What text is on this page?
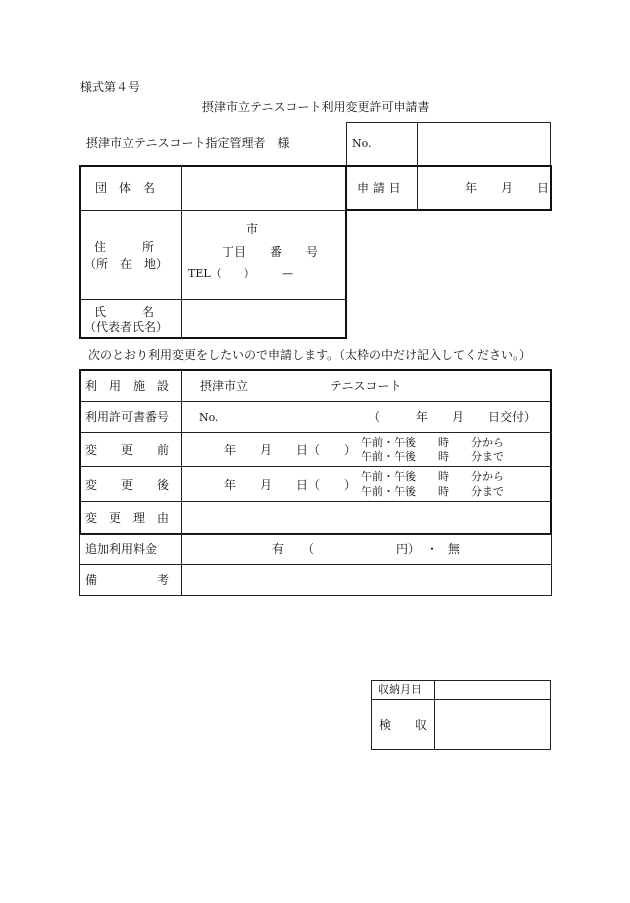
様式第４号
摂津市立テニスコート利用変更許可申請書
摂津市立テニスコート指定管理者　様	No.
団　体　名	申 請 日	年　　月　　日
住　　　所
（所　在　地）
市
丁目　　番　　号
TEL（　　）　　　—
氏　　　名
（代表者氏名）
次のとおり利用変更をしたいので申請します。（太枠の中だけ記入してください。）
利　用　施　設	摂津市立	テニスコート
利用許可書番号	No.	（　　　年　　月　　日交付）
変　　更　　前	年　　月　　日（　　）
午前・午後　　時　　分から
午前・午後　　時　　分まで
変　　更　　後	年　　月　　日（　　）
午前・午後　　時　　分から
午前・午後　　時　　分まで
変　更　理　由
追加利用料金	有 （	円） ・ 無
備　　　　　考
収納月日
検　　収
